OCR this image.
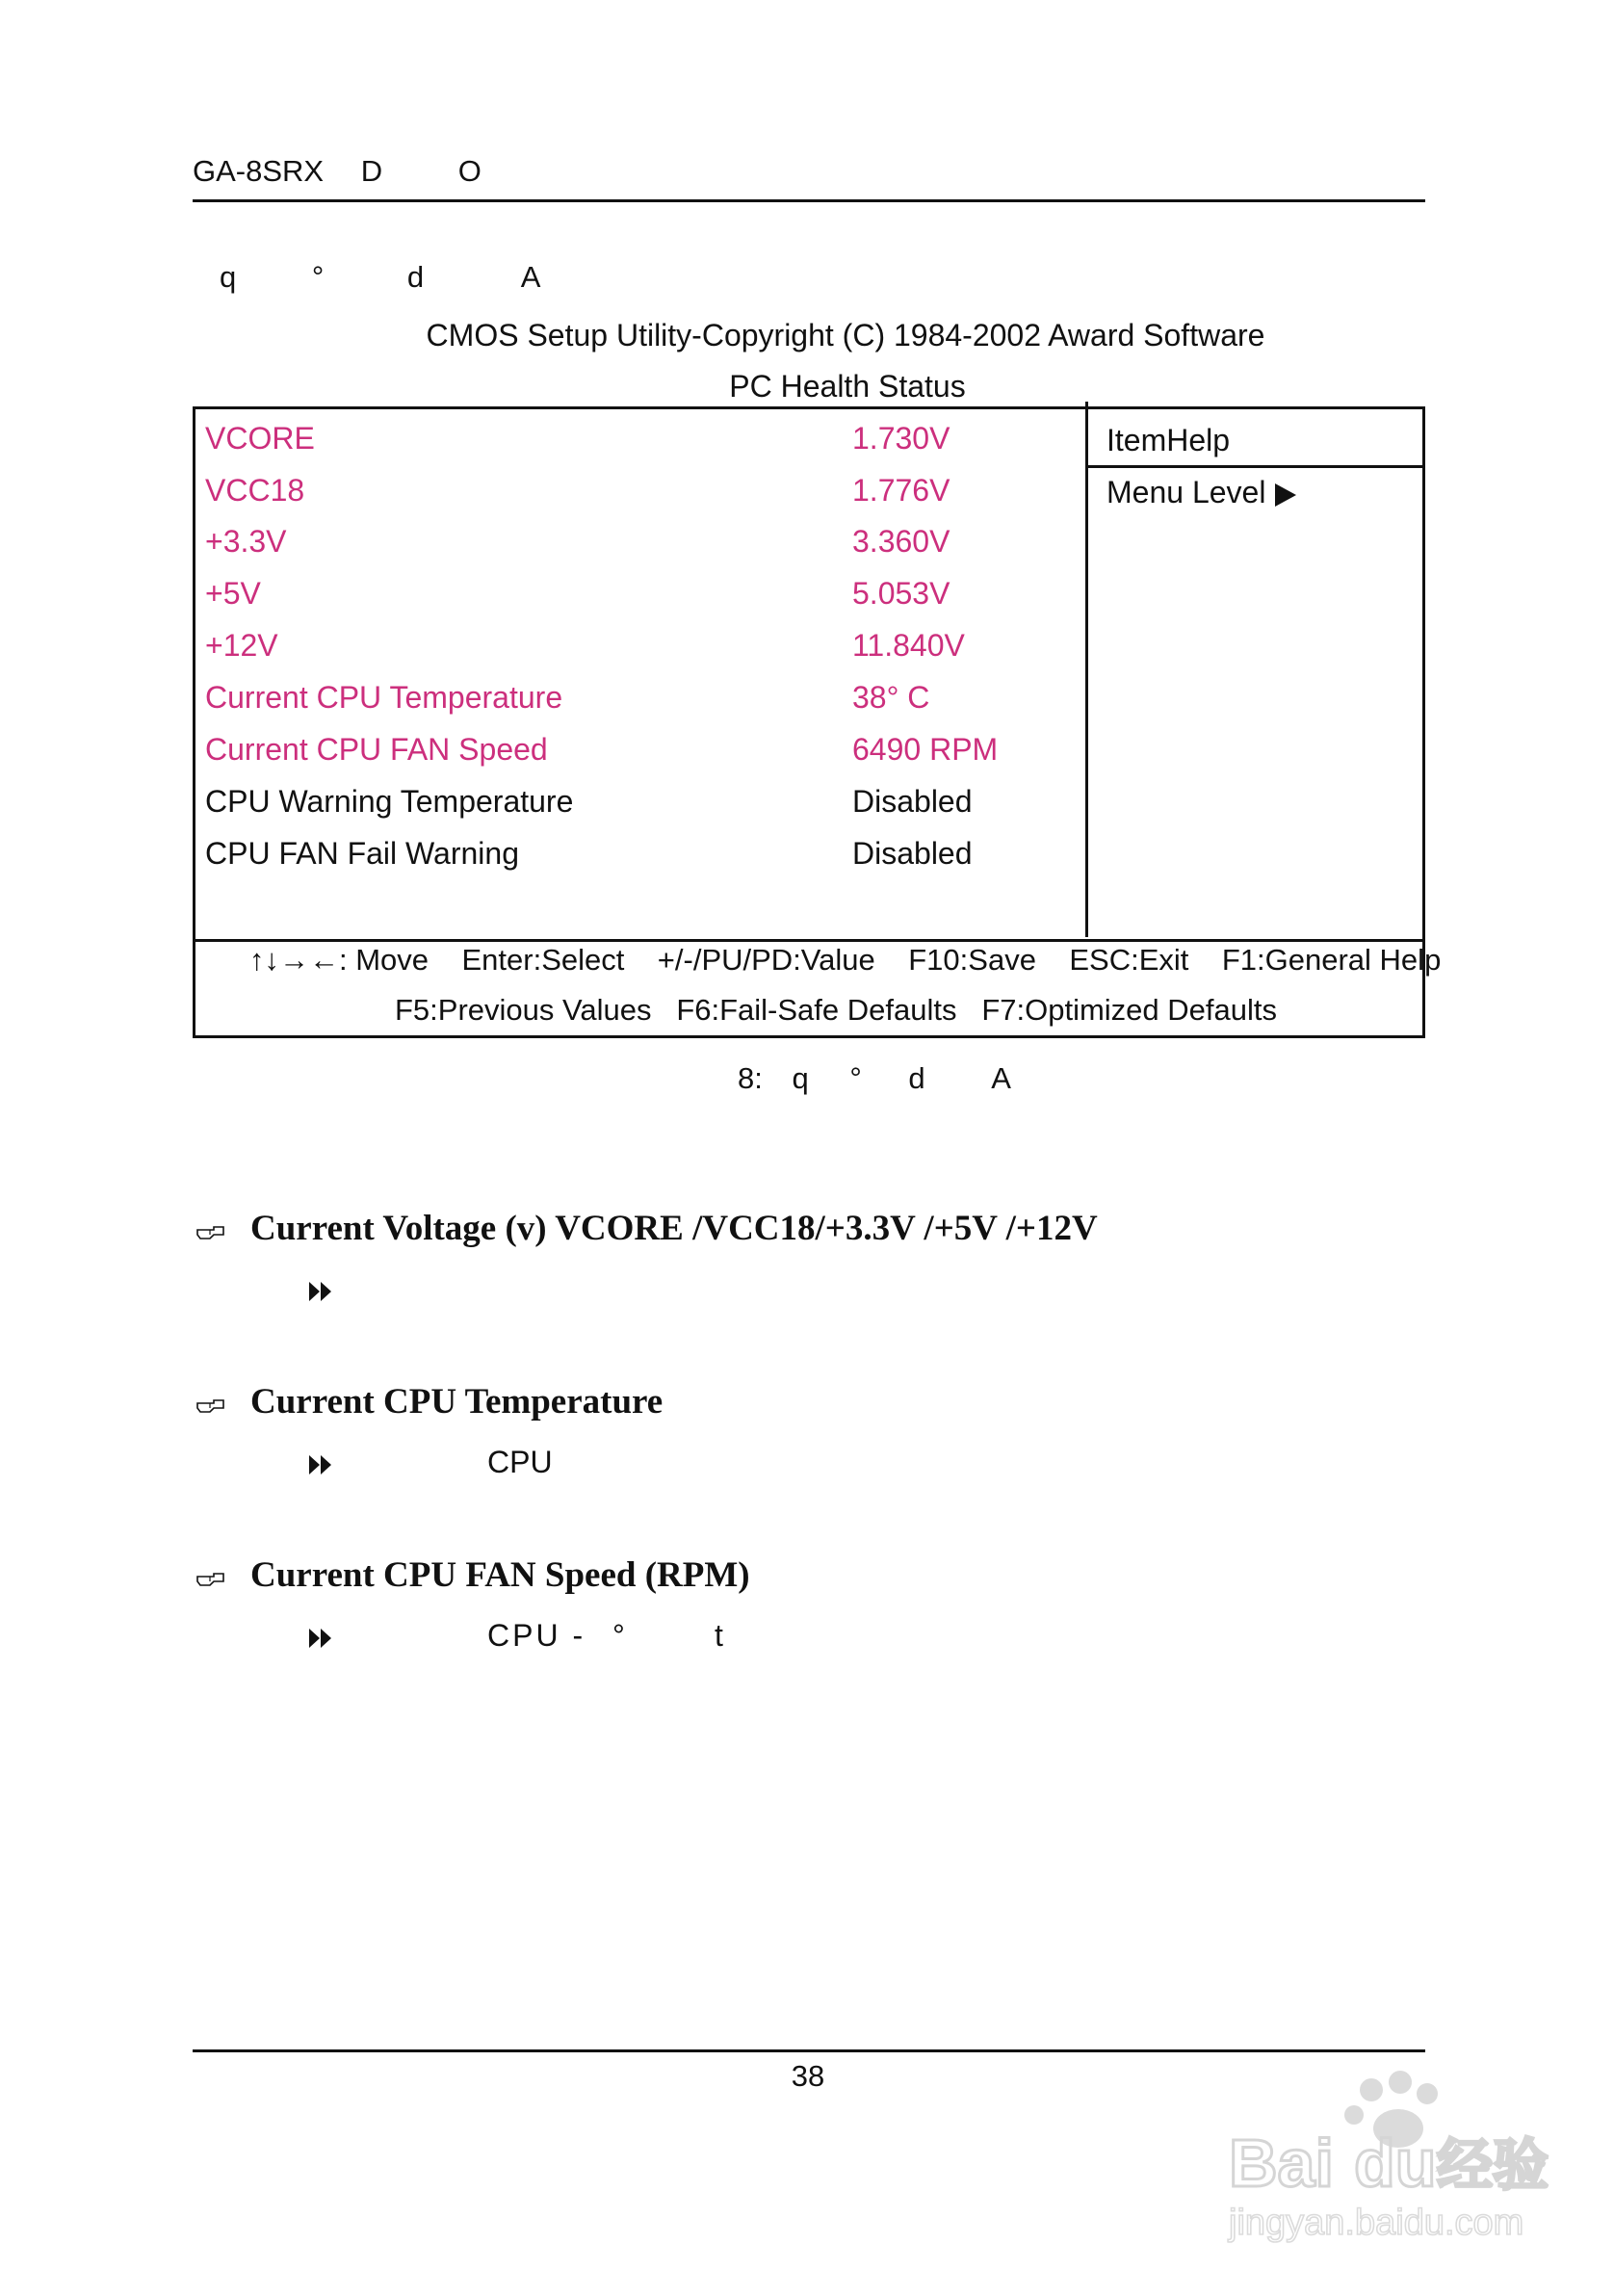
GA-8SRX D	O
q	°	d	A
CMOS Setup Utility-Copyright (C) 1984-2002 Award Software
PC Health Status
VCORE	1.730V
VCC18	1.776V
+3.3V	3.360V
+5V	5.053V
+12V	11.840V
Current CPU Temperature	38° C
Current CPU FAN Speed	6490 RPM
CPU Warning Temperature	Disabled
CPU FAN Fail Warning	Disabled
ItemHelp
Menu Level
↑↓→←: Move    Enter:Select    +/-/PU/PD:Value    F10:Save    ESC:Exit    F1:General Help
F5:Previous Values   F6:Fail-Safe Defaults   F7:Optimized Defaults
8: q ° d A
Current Voltage (v) VCORE /VCC18/+3.3V /+5V /+12V
Current CPU Temperature
CPU
Current CPU FAN Speed (RPM)
CPU - °	t
38
Bai du 经验
jingyan.baidu.com
